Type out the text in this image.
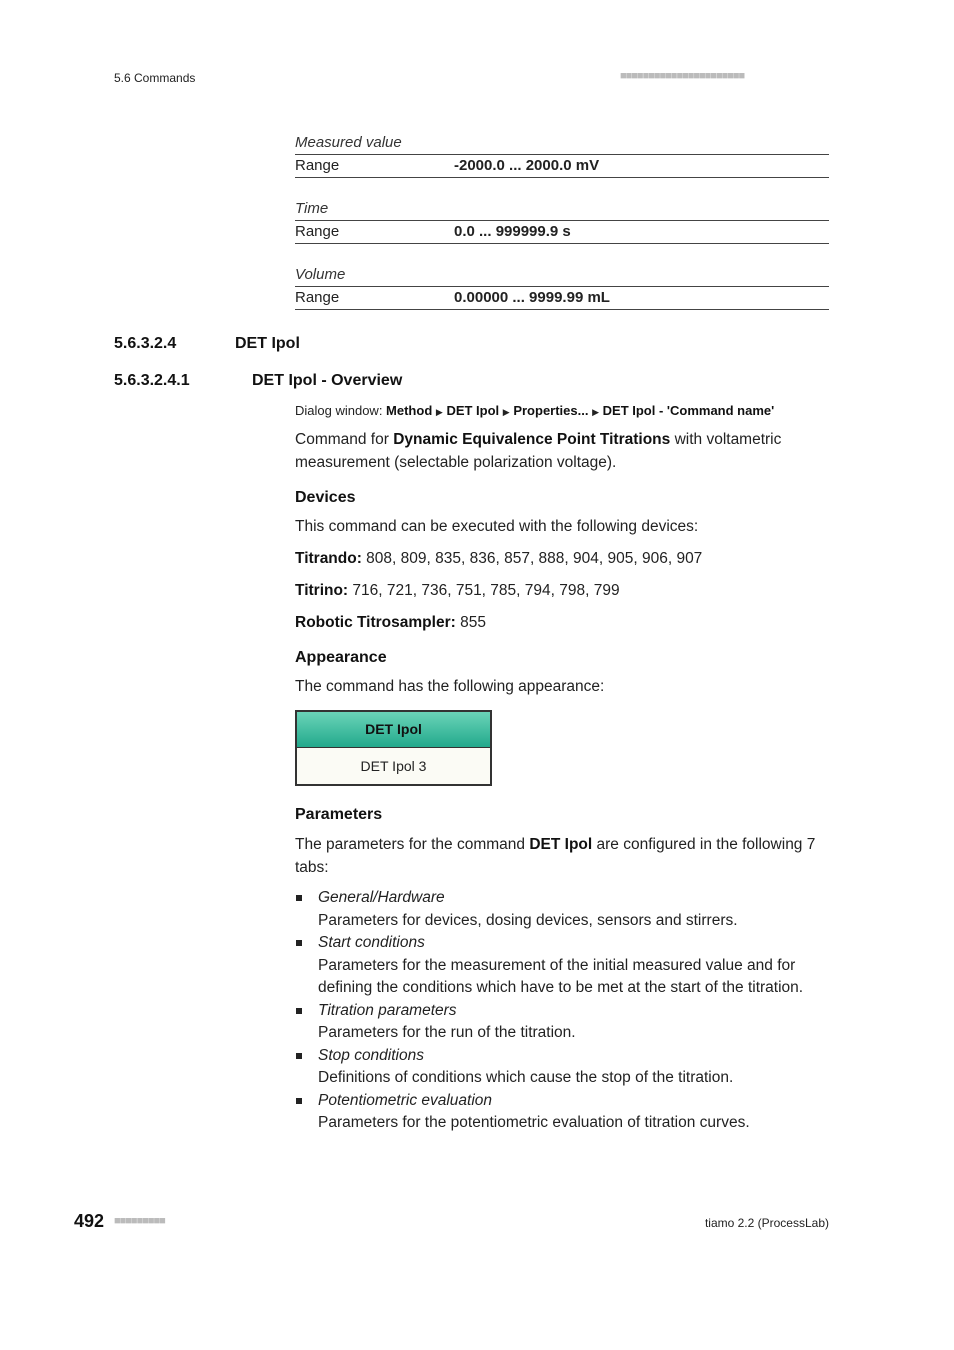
5.6 Commands	■■■■■■■■■■■■■■■■■■■■■■
Measured value
Range	-2000.0 ... 2000.0 mV
Time
Range	0.0 ... 999999.9 s
Volume
Range	0.00000 ... 9999.99 mL
5.6.3.2.4	DET Ipol
5.6.3.2.4.1	DET Ipol - Overview
Dialog window: Method ▶ DET Ipol ▶ Properties... ▶ DET Ipol - 'Command name'
Command for Dynamic Equivalence Point Titrations with voltametric measurement (selectable polarization voltage).
Devices
This command can be executed with the following devices:
Titrando: 808, 809, 835, 836, 857, 888, 904, 905, 906, 907
Titrino: 716, 721, 736, 751, 785, 794, 798, 799
Robotic Titrosampler: 855
Appearance
The command has the following appearance:
DET Ipol
DET Ipol 3
Parameters
The parameters for the command DET Ipol are configured in the following 7 tabs:
General/Hardware
Parameters for devices, dosing devices, sensors and stirrers.
Start conditions
Parameters for the measurement of the initial measured value and for defining the conditions which have to be met at the start of the titration.
Titration parameters
Parameters for the run of the titration.
Stop conditions
Definitions of conditions which cause the stop of the titration.
Potentiometric evaluation
Parameters for the potentiometric evaluation of titration curves.
492 ■■■■■■■■■	tiamo 2.2 (ProcessLab)
